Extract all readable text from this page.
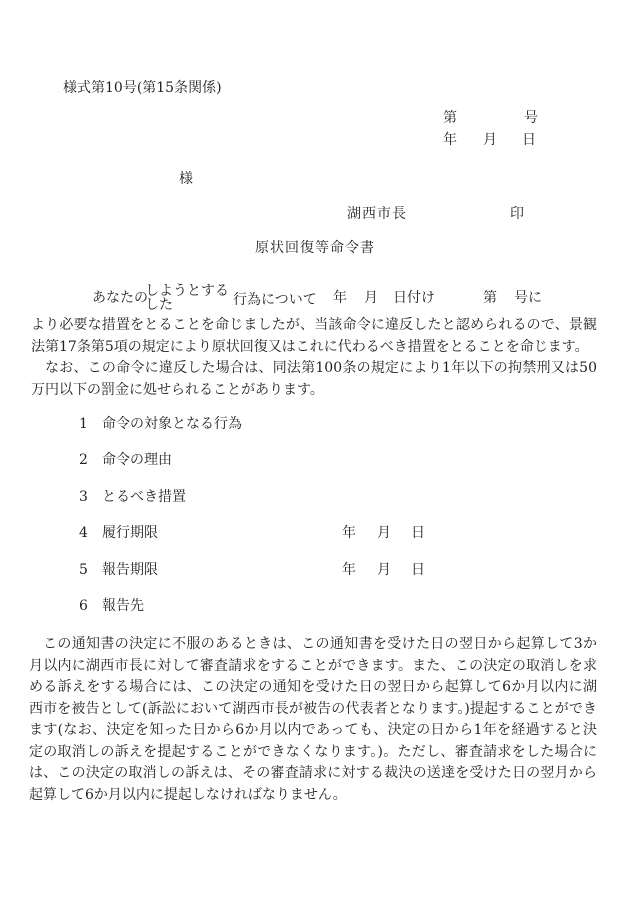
様式第10号(第15条関係)
第	号
年 月 日
様
湖西市長	印
原状回復等命令書
あなたの
しようとする
した	行為について 年 月 日付け	第 号に
より必要な措置をとることを命じましたが、当該命令に違反したと認められるので、景観法第17条第5項の規定により原状回復又はこれに代わるべき措置をとることを命じます。
なお、この命令に違反した場合は、同法第100条の規定により1年以下の拘禁刑又は50万円以下の罰金に処せられることがあります。
1 命令の対象となる行為
2 命令の理由
3 とるべき措置
4 履行期限	年 月 日
5 報告期限	年 月 日
6 報告先
この通知書の決定に不服のあるときは、この通知書を受けた日の翌日から起算して3か月以内に湖西市長に対して審査請求をすることができます。また、この決定の取消しを求める訴えをする場合には、この決定の通知を受けた日の翌日から起算して6か月以内に湖西市を被告として(訴訟において湖西市長が被告の代表者となります。)提起することができます(なお、決定を知った日から6か月以内であっても、決定の日から1年を経過すると決定の取消しの訴えを提起することができなくなります。)。ただし、審査請求をした場合には、この決定の取消しの訴えは、その審査請求に対する裁決の送達を受けた日の翌月から起算して6か月以内に提起しなければなりません。
